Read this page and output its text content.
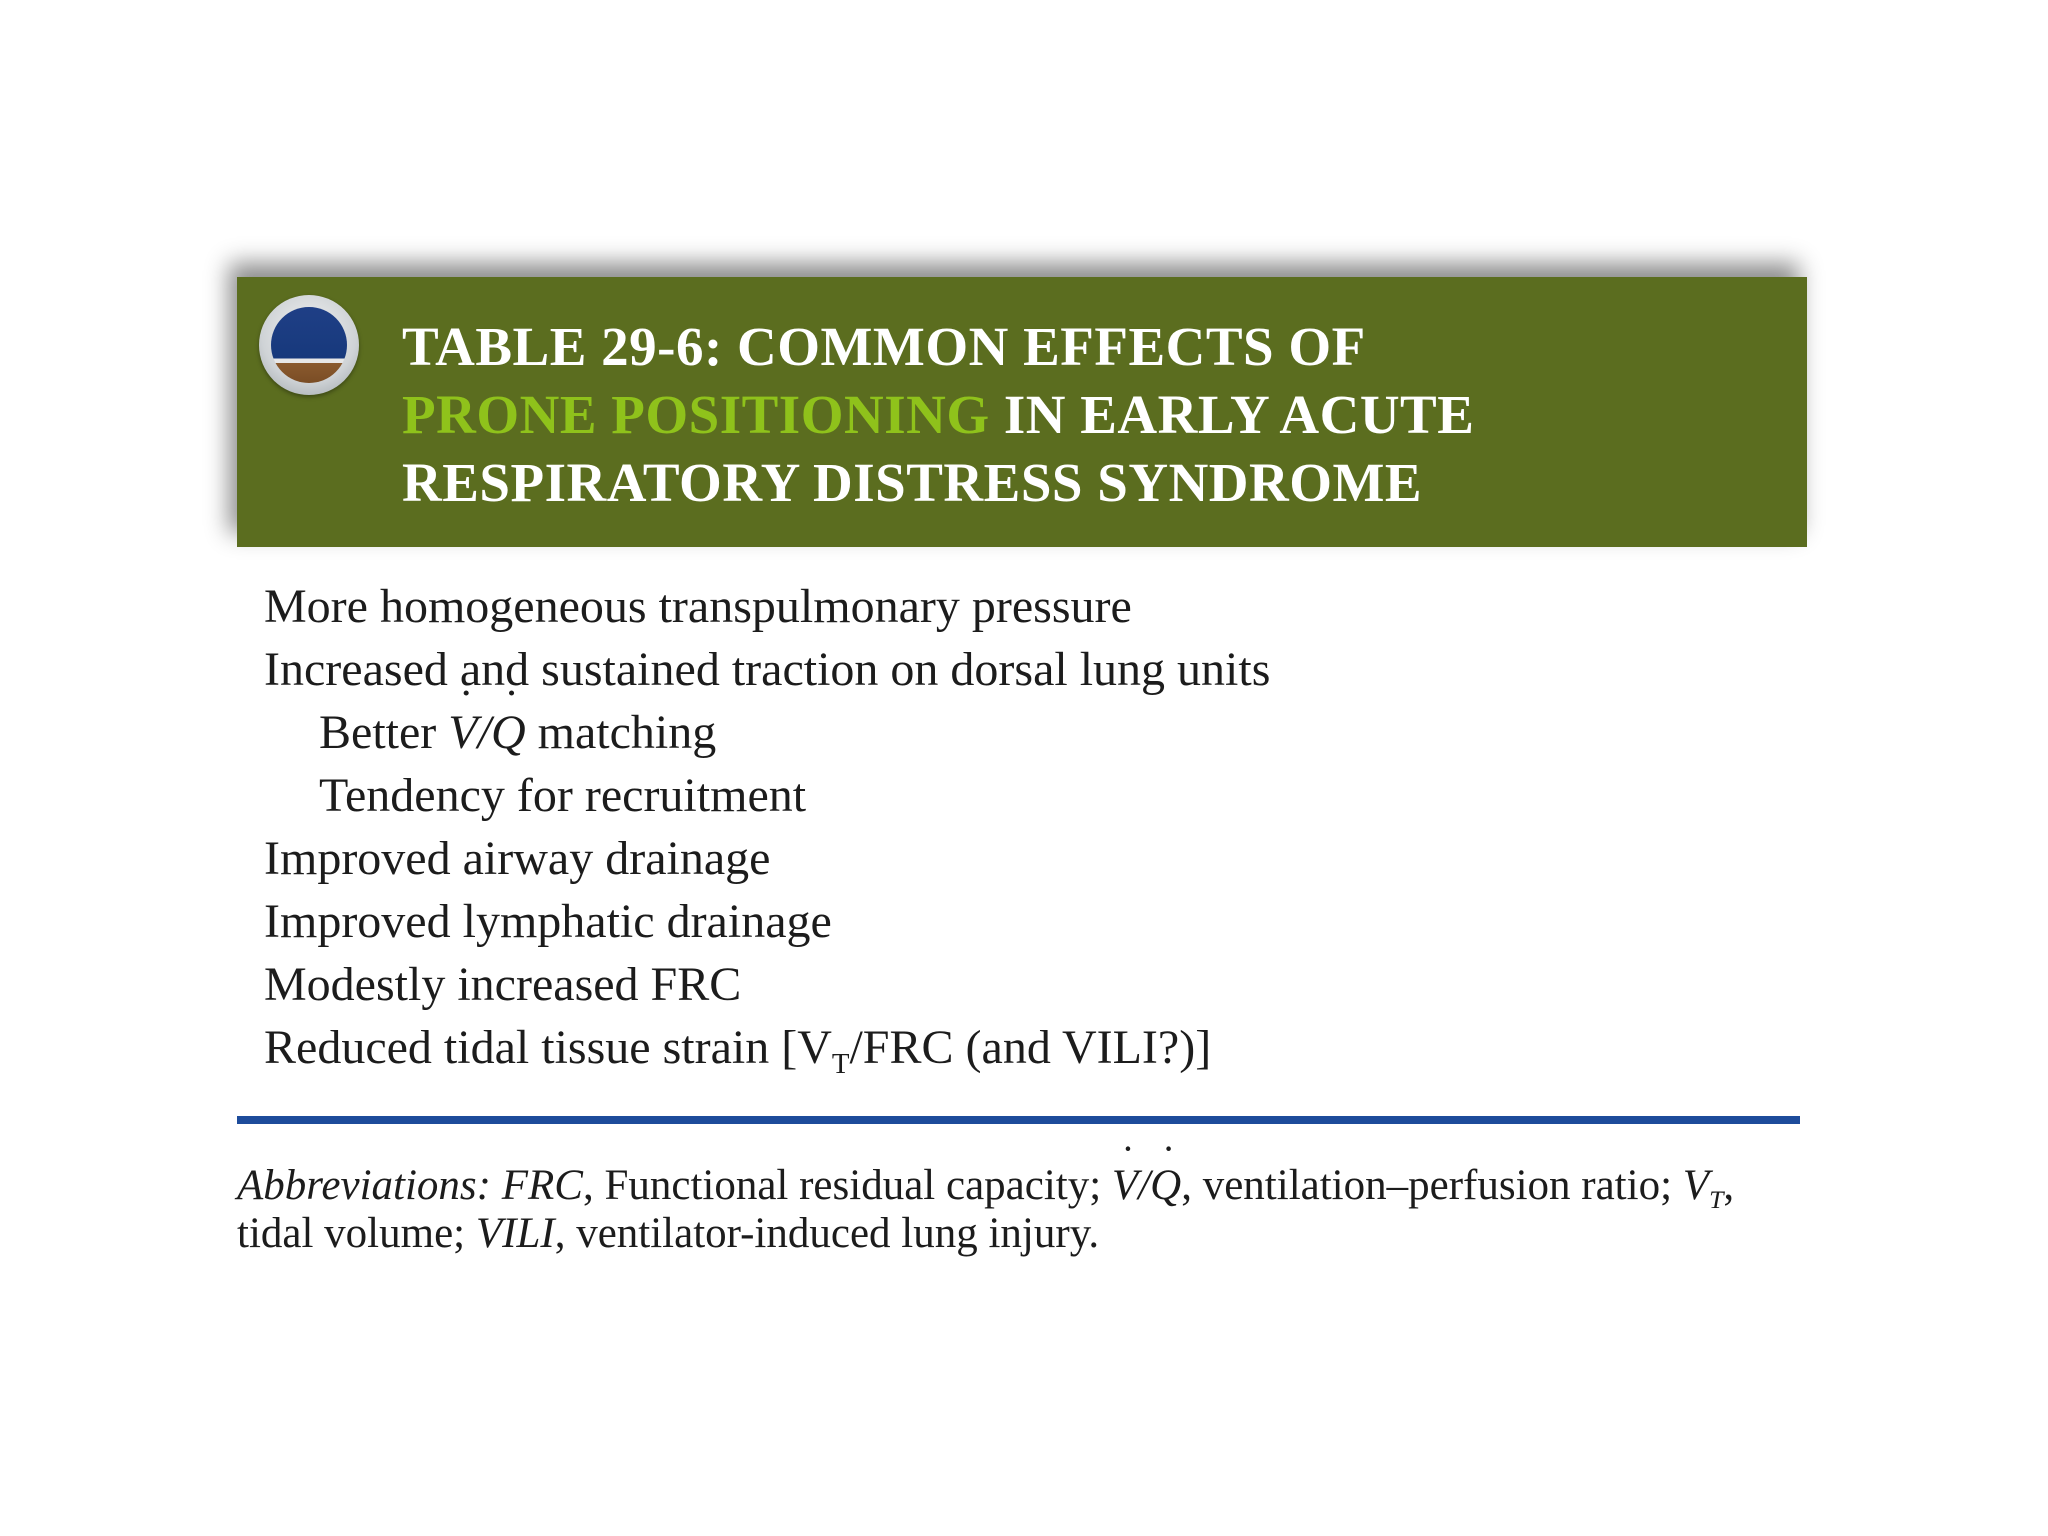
TABLE 29-6: COMMON EFFECTS OF
PRONE POSITIONING IN EARLY ACUTE RESPIRATORY DISTRESS SYNDROME
More homogeneous transpulmonary pressure
Increased and sustained traction on dorsal lung units
Better ˙ V/˙ Q matching
Tendency for recruitment
Improved airway drainage
Improved lymphatic drainage
Modestly increased FRC
Reduced tidal tissue strain [$V_T$/FRC (and VILI?)]

Abbreviations: FRC, Functional residual capacity; ˙ V/˙ Q, ventilation–perfusion ratio; $V_T$, tidal volume; VILI, ventilator-induced lung injury.
